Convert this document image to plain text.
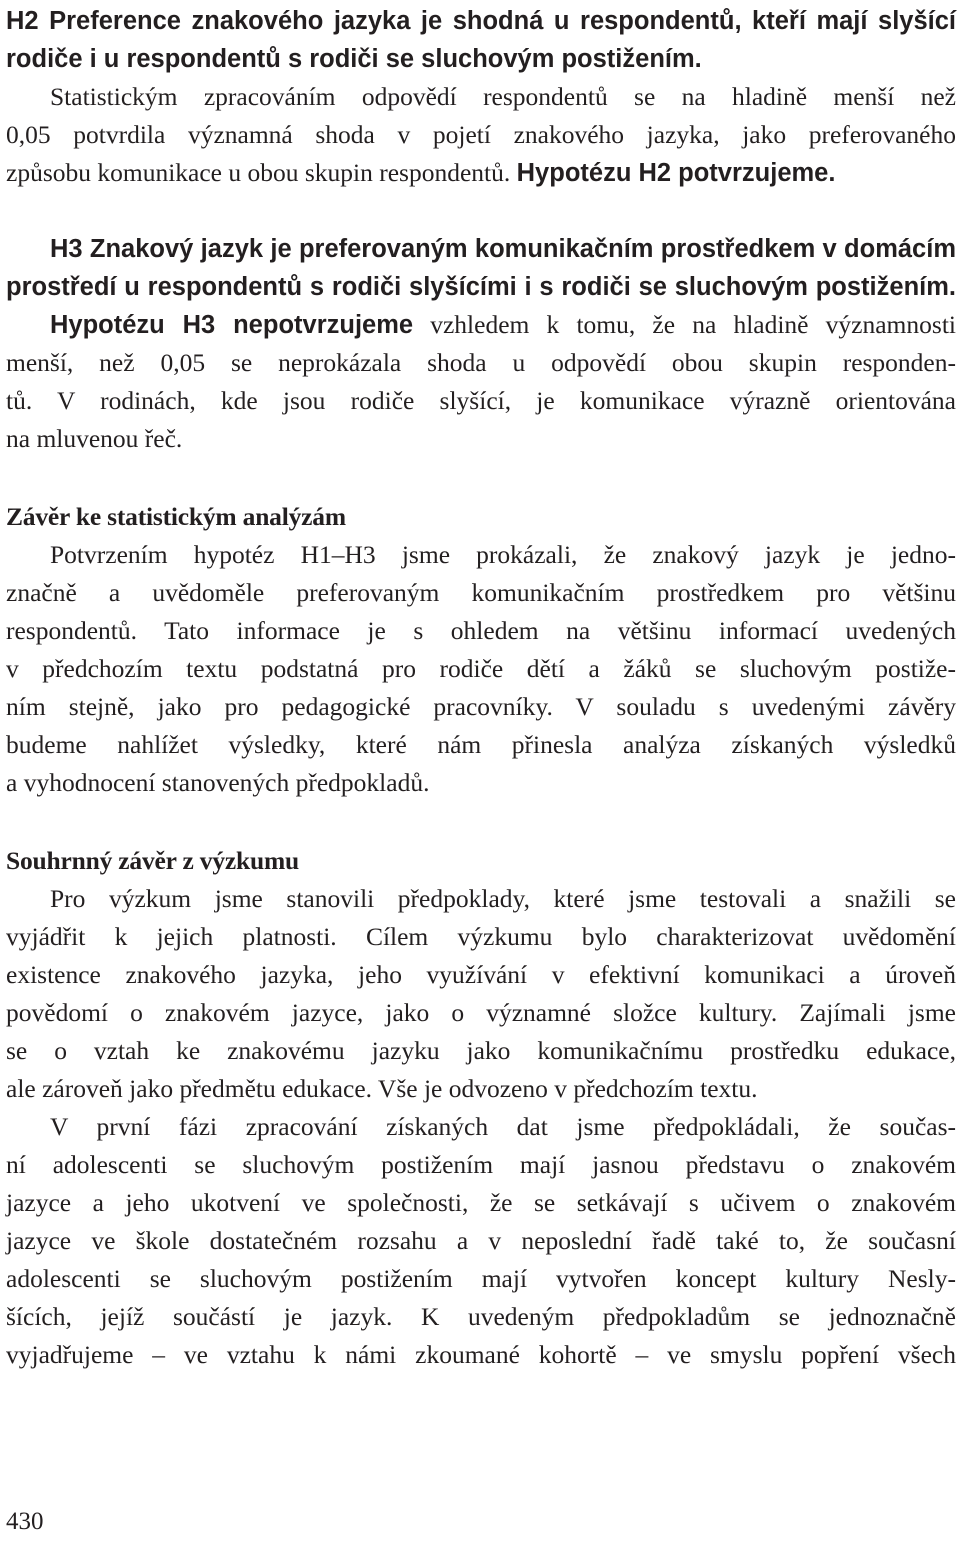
H2 Preference znakového jazyka je shodná u respondentů, kteří mají slyšící
rodiče i u respondentů s rodiči se sluchovým postižením.
Statistickým zpracováním odpovědí respondentů se na hladině menší než
0,05 potvrdila významná shoda v pojetí znakového jazyka, jako preferovaného
způsobu komunikace u obou skupin respondentů. Hypotézu H2 potvrzujeme.
H3 Znakový jazyk je preferovaným komunikačním prostředkem v domácím
prostředí u respondentů s rodiči slyšícími i s rodiči se sluchovým postižením.
Hypotézu H3 nepotvrzujeme vzhledem k tomu, že na hladině významnosti
menší, než 0,05 se neprokázala shoda u odpovědí obou skupin responden-
tů. V rodinách, kde jsou rodiče slyšící, je komunikace výrazně orientována
na mluvenou řeč.
Závěr ke statistickým analýzám
Potvrzením hypotéz H1–H3 jsme prokázali, že znakový jazyk je jedno-
značně a uvědoměle preferovaným komunikačním prostředkem pro většinu
respondentů. Tato informace je s ohledem na většinu informací uvedených
v předchozím textu podstatná pro rodiče dětí a žáků se sluchovým postiže-
ním stejně, jako pro pedagogické pracovníky. V souladu s uvedenými závěry
budeme nahlížet výsledky, které nám přinesla analýza získaných výsledků
a vyhodnocení stanovených předpokladů.
Souhrnný závěr z výzkumu
Pro výzkum jsme stanovili předpoklady, které jsme testovali a snažili se
vyjádřit k jejich platnosti. Cílem výzkumu bylo charakterizovat uvědomění
existence znakového jazyka, jeho využívání v efektivní komunikaci a úroveň
povědomí o znakovém jazyce, jako o významné složce kultury. Zajímali jsme
se o vztah ke znakovému jazyku jako komunikačnímu prostředku edukace,
ale zároveň jako předmětu edukace. Vše je odvozeno v předchozím textu.
V první fázi zpracování získaných dat jsme předpokládali, že součas-
ní adolescenti se sluchovým postižením mají jasnou představu o znakovém
jazyce a jeho ukotvení ve společnosti, že se setkávají s učivem o znakovém
jazyce ve škole dostatečném rozsahu a v neposlední řadě také to, že současní
adolescenti se sluchovým postižením mají vytvořen koncept kultury Nesly-
šících, jejíž součástí je jazyk. K uvedeným předpokladům se jednoznačně
vyjadřujeme – ve vztahu k námi zkoumané kohortě – ve smyslu popření všech
430
